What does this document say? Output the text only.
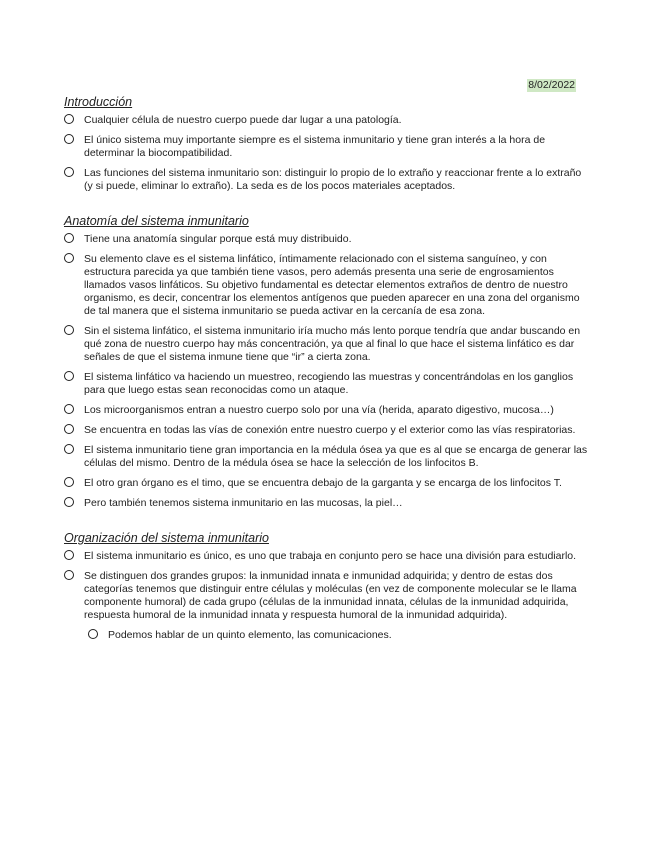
8/02/2022
Introducción
Cualquier célula de nuestro cuerpo puede dar lugar a una patología.
El único sistema muy importante siempre es el sistema inmunitario y tiene gran interés a la hora de determinar la biocompatibilidad.
Las funciones del sistema inmunitario son: distinguir lo propio de lo extraño y reaccionar frente a lo extraño (y si puede, eliminar lo extraño). La seda es de los pocos materiales aceptados.
Anatomía del sistema inmunitario
Tiene una anatomía singular porque está muy distribuido.
Su elemento clave es el sistema linfático, íntimamente relacionado con el sistema sanguíneo, y con estructura parecida ya que también tiene vasos, pero además presenta una serie de engrosamientos llamados vasos linfáticos. Su objetivo fundamental es detectar elementos extraños de dentro de nuestro organismo, es decir, concentrar los elementos antígenos que pueden aparecer en una zona del organismo de tal manera que el sistema inmunitario se pueda activar en la cercanía de esa zona.
Sin el sistema linfático, el sistema inmunitario iría mucho más lento porque tendría que andar buscando en qué zona de nuestro cuerpo hay más concentración, ya que al final lo que hace el sistema linfático es dar señales de que el sistema inmune tiene que “ir” a cierta zona.
El sistema linfático va haciendo un muestreo, recogiendo las muestras y concentrándolas en los ganglios para que luego estas sean reconocidas como un ataque.
Los microorganismos entran a nuestro cuerpo solo por una vía (herida, aparato digestivo, mucosa…)
Se encuentra en todas las vías de conexión entre nuestro cuerpo y el exterior como las vías respiratorias.
El sistema inmunitario tiene gran importancia en la médula ósea ya que es al que se encarga de generar las células del mismo. Dentro de la médula ósea se hace la selección de los linfocitos B.
El otro gran órgano es el timo, que se encuentra debajo de la garganta y se encarga de los linfocitos T.
Pero también tenemos sistema inmunitario en las mucosas, la piel…
Organización del sistema inmunitario
El sistema inmunitario es único, es uno que trabaja en conjunto pero se hace una división para estudiarlo.
Se distinguen dos grandes grupos: la inmunidad innata e inmunidad adquirida; y dentro de estas dos categorías tenemos que distinguir entre células y moléculas (en vez de componente molecular se le llama componente humoral) de cada grupo (células de la inmunidad innata, células de la inmunidad adquirida, respuesta humoral de la inmunidad innata y respuesta humoral de la inmunidad adquirida).
Podemos hablar de un quinto elemento, las comunicaciones.
